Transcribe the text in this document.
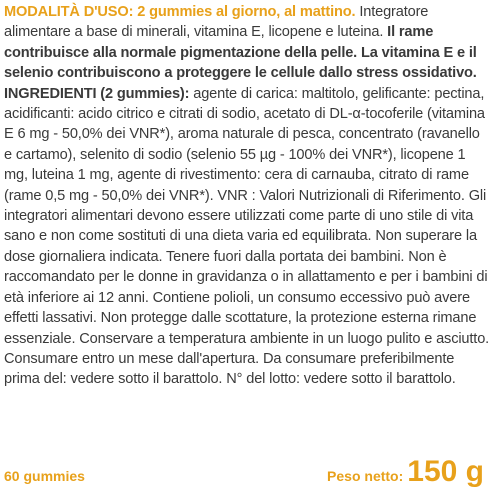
MODALITÀ D'USO: 2 gummies al giorno, al mattino. Integratore alimentare a base di minerali, vitamina E, licopene e luteina. Il rame contribuisce alla normale pigmentazione della pelle. La vitamina E e il selenio contribuiscono a proteggere le cellule dallo stress ossidativo.
INGREDIENTI (2 gummies): agente di carica: maltitolo, gelificante: pectina, acidificanti: acido citrico e citrati di sodio, acetato di DL-α-tocoferile (vitamina E 6 mg - 50,0% dei VNR*), aroma naturale di pesca, concentrato (ravanello e cartamo), selenito di sodio (selenio 55 µg - 100% dei VNR*), licopene 1 mg, luteina 1 mg, agente di rivestimento: cera di carnauba, citrato di rame (rame 0,5 mg - 50,0% dei VNR*). VNR : Valori Nutrizionali di Riferimento. Gli integratori alimentari devono essere utilizzati come parte di uno stile di vita sano e non come sostituti di una dieta varia ed equilibrata. Non superare la dose giornaliera indicata. Tenere fuori dalla portata dei bambini. Non è raccomandato per le donne in gravidanza o in allattamento e per i bambini di età inferiore ai 12 anni. Contiene polioli, un consumo eccessivo può avere effetti lassativi. Non protegge dalle scottature, la protezione esterna rimane essenziale. Conservare a temperatura ambiente in un luogo pulito e asciutto. Consumare entro un mese dall'apertura. Da consumare preferibilmente prima del: vedere sotto il barattolo. N° del lotto: vedere sotto il barattolo.
60 gummies	Peso netto: 150 g
